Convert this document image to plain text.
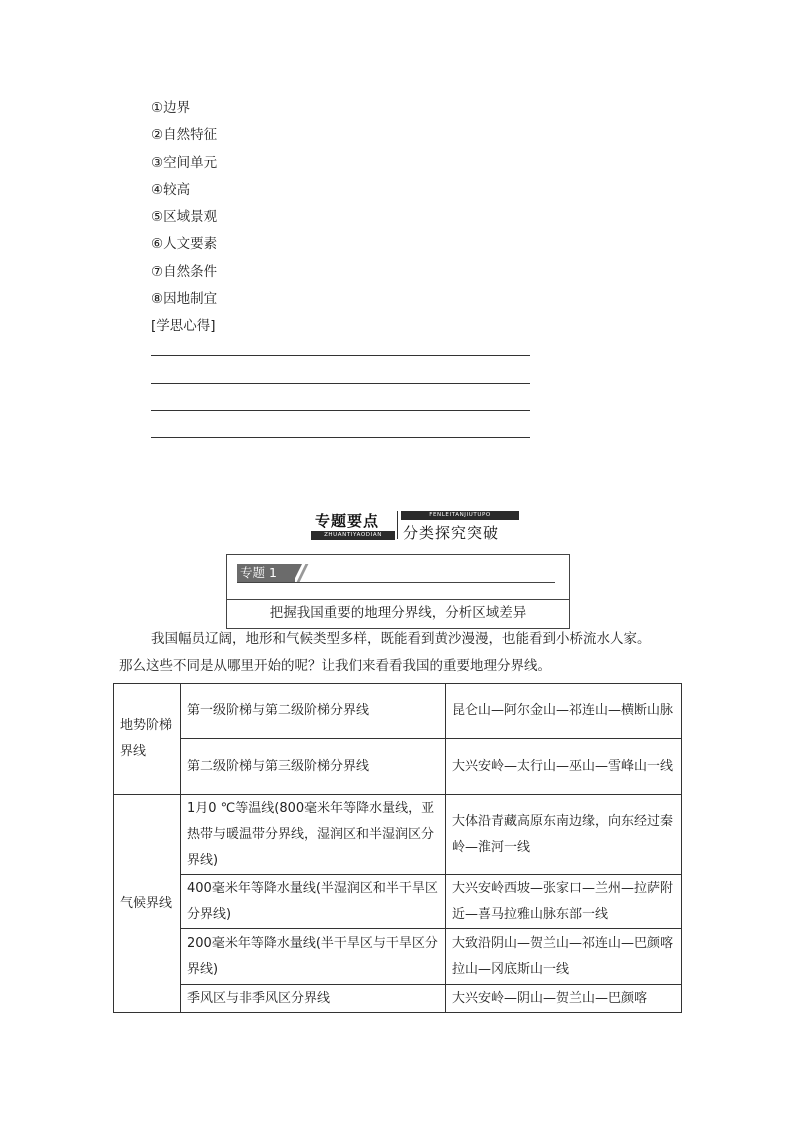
①边界
②自然特征
③空间单元
④较高
⑤区域景观
⑥人文要素
⑦自然条件
⑧因地制宜
[学思心得]
专题要点
ZHUANTIYAODIAN
FENLEITANJIUTUPO
分类探究突破
专题 1
把握我国重要的地理分界线，分析区域差异

我国幅员辽阔，地形和气候类型多样，既能看到黄沙漫漫，也能看到小桥流水人家。

那么这些不同是从哪里开始的呢？让我们来看看我国的重要地理分界线。

地势阶梯界线	第一级阶梯与第二级阶梯分界线	昆仑山—阿尔金山—祁连山—横断山脉
	第二级阶梯与第三级阶梯分界线	大兴安岭—太行山—巫山—雪峰山一线
气候界线	1月0 ℃等温线(800毫米年等降水量线，亚热带与暖温带分界线，湿润区和半湿润区分界线)	大体沿青藏高原东南边缘，向东经过秦岭—淮河一线
	400毫米年等降水量线(半湿润区和半干旱区分界线)	大兴安岭西坡—张家口—兰州—拉萨附近—喜马拉雅山脉东部一线
	200毫米年等降水量线(半干旱区与干旱区分界线)	大致沿阴山—贺兰山—祁连山—巴颜喀拉山—冈底斯山一线
	季风区与非季风区分界线	大兴安岭—阴山—贺兰山—巴颜喀
